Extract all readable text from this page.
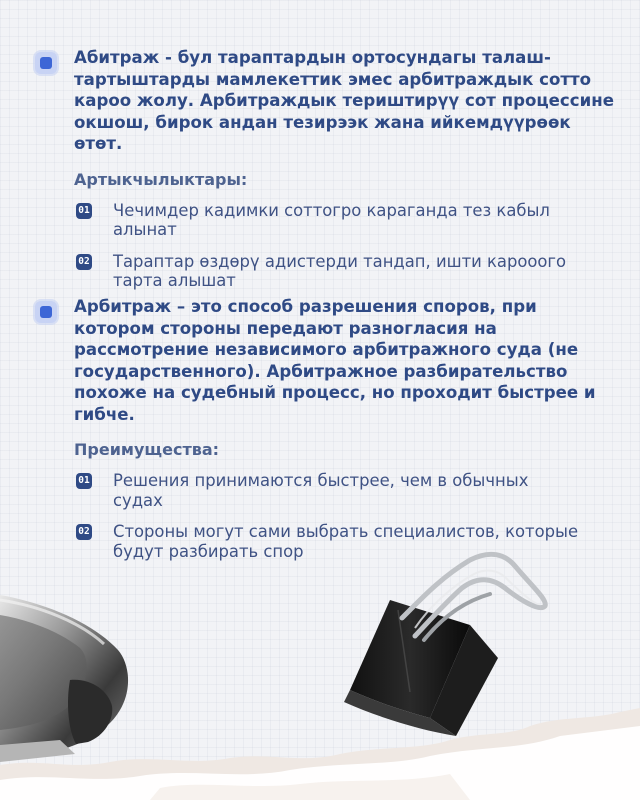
Абитраж - бул тараптардын ортосундагы талаш-тартыштарды мамлекеттик эмес арбитраждык сотто кароо жолу. Арбитраждык териштирүү сот процессине окшош, бирок андан тезирээк жана ийкемдүүрөөк өтөт.

Артыкчылыктары:
01 Чечимдер кадимки соттогро караганда тез кабыл алынат
02 Тараптар өздөрү адистерди тандап, ишти карооого тарта алышат

Арбитраж – это способ разрешения споров, при котором стороны передают разногласия на рассмотрение независимого арбитражного суда (не государственного). Арбитражное разбирательство похоже на судебный процесс, но проходит быстрее и гибче.

Преимущества:
01 Решения принимаются быстрее, чем в обычных судах
02 Стороны могут сами выбрать специалистов, которые будут разбирать спор
